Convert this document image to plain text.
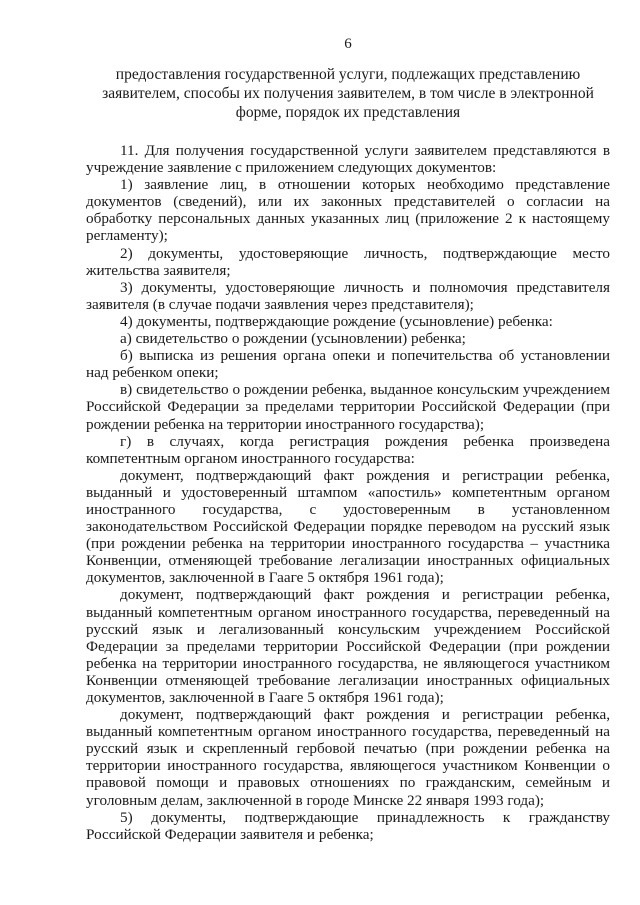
6
предоставления государственной услуги, подлежащих представлению заявителем, способы их получения заявителем, в том числе в электронной форме, порядок их представления

11. Для получения государственной услуги заявителем представляются в учреждение заявление с приложением следующих документов:

1) заявление лиц, в отношении которых необходимо представление документов (сведений), или их законных представителей о согласии на обработку персональных данных указанных лиц (приложение 2 к настоящему регламенту);

2) документы, удостоверяющие личность, подтверждающие место жительства заявителя;

3) документы, удостоверяющие личность и полномочия представителя заявителя (в случае подачи заявления через представителя);

4) документы, подтверждающие рождение (усыновление) ребенка:

а) свидетельство о рождении (усыновлении) ребенка;

б) выписка из решения органа опеки и попечительства об установлении над ребенком опеки;

в) свидетельство о рождении ребенка, выданное консульским учреждением Российской Федерации за пределами территории Российской Федерации (при рождении ребенка на территории иностранного государства);

г) в случаях, когда регистрация рождения ребенка произведена компетентным органом иностранного государства:

документ, подтверждающий факт рождения и регистрации ребенка, выданный и удостоверенный штампом «апостиль» компетентным органом иностранного государства, с удостоверенным в установленном законодательством Российской Федерации порядке переводом на русский язык (при рождении ребенка на территории иностранного государства – участника Конвенции, отменяющей требование легализации иностранных официальных документов, заключенной в Гааге 5 октября 1961 года);

документ, подтверждающий факт рождения и регистрации ребенка, выданный компетентным органом иностранного государства, переведенный на русский язык и легализованный консульским учреждением Российской Федерации за пределами территории Российской Федерации (при рождении ребенка на территории иностранного государства, не являющегося участником Конвенции отменяющей требование легализации иностранных официальных документов, заключенной в Гааге 5 октября 1961 года);

документ, подтверждающий факт рождения и регистрации ребенка, выданный компетентным органом иностранного государства, переведенный на русский язык и скрепленный гербовой печатью (при рождении ребенка на территории иностранного государства, являющегося участником Конвенции о правовой помощи и правовых отношениях по гражданским, семейным и уголовным делам, заключенной в городе Минске 22 января 1993 года);

5) документы, подтверждающие принадлежность к гражданству Российской Федерации заявителя и ребенка;
